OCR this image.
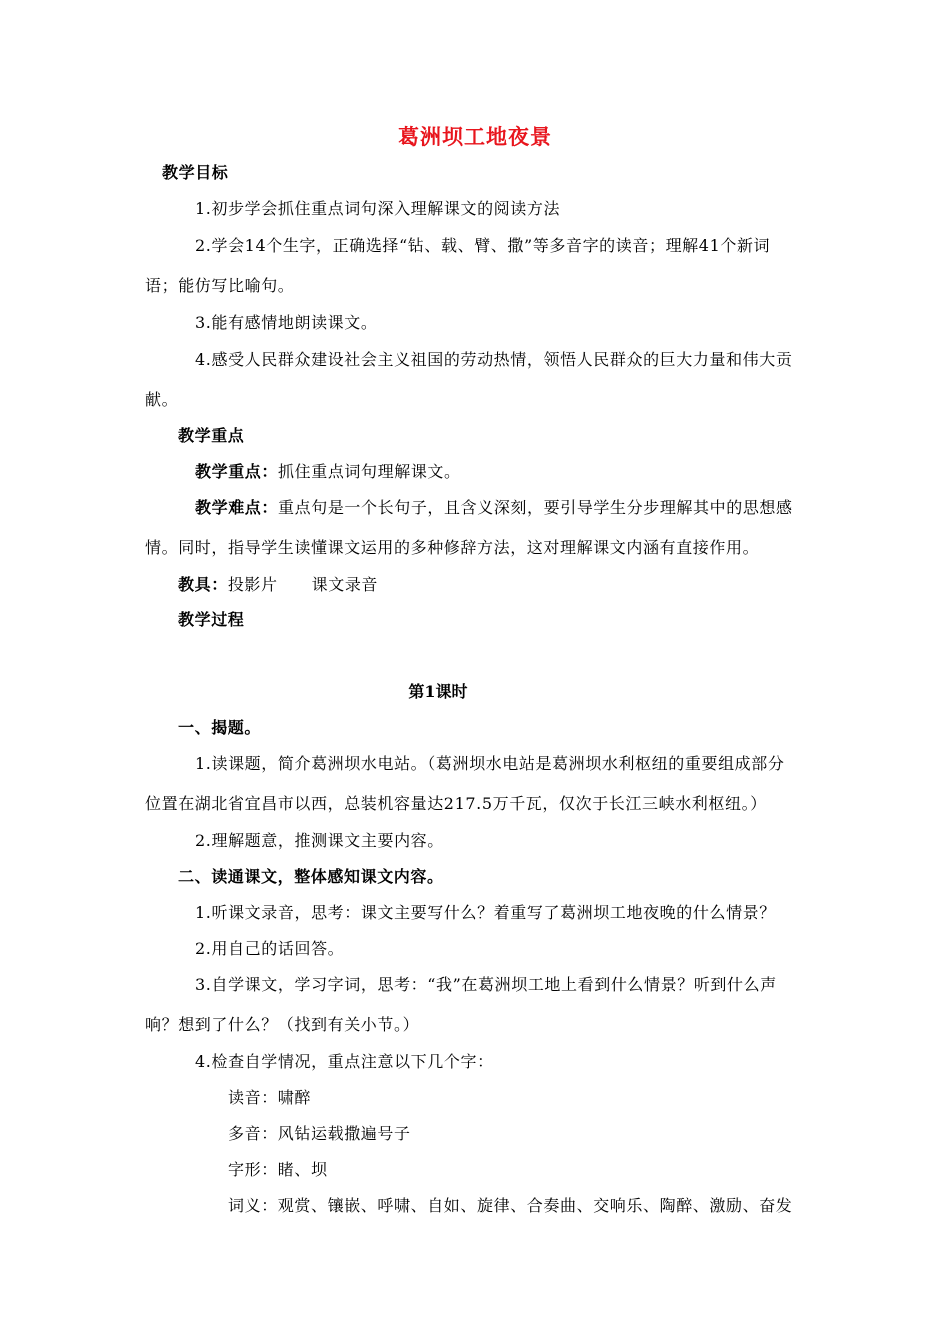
葛洲坝工地夜景
教学目标
1.初步学会抓住重点词句深入理解课文的阅读方法
2.学会14个生字，正确选择“钻、载、臂、撒”等多音字的读音；理解41个新词
语；能仿写比喻句。
3.能有感情地朗读课文。
4.感受人民群众建设社会主义祖国的劳动热情，领悟人民群众的巨大力量和伟大贡
献。
教学重点
教学重点：抓住重点词句理解课文。
教学难点：重点句是一个长句子，且含义深刻，要引导学生分步理解其中的思想感
情。同时，指导学生读懂课文运用的多种修辞方法，这对理解课文内涵有直接作用。
教具：投影片 课文录音
教学过程
第1课时
一、揭题。
1.读课题，简介葛洲坝水电站。（葛洲坝水电站是葛洲坝水利枢纽的重要组成部分
位置在湖北省宜昌市以西，总装机容量达217.5万千瓦，仅次于长江三峡水利枢纽。）
2.理解题意，推测课文主要内容。
二、读通课文，整体感知课文内容。
1.听课文录音，思考：课文主要写什么？着重写了葛洲坝工地夜晚的什么情景？
2.用自己的话回答。
3.自学课文，学习字词，思考：“我”在葛洲坝工地上看到什么情景？听到什么声
响？想到了什么？（找到有关小节。）
4.检查自学情况，重点注意以下几个字：
读音：啸醉
多音：风钻运载撒遍号子
字形：睹、坝
词义：观赏、镶嵌、呼啸、自如、旋律、合奏曲、交响乐、陶醉、激励、奋发
